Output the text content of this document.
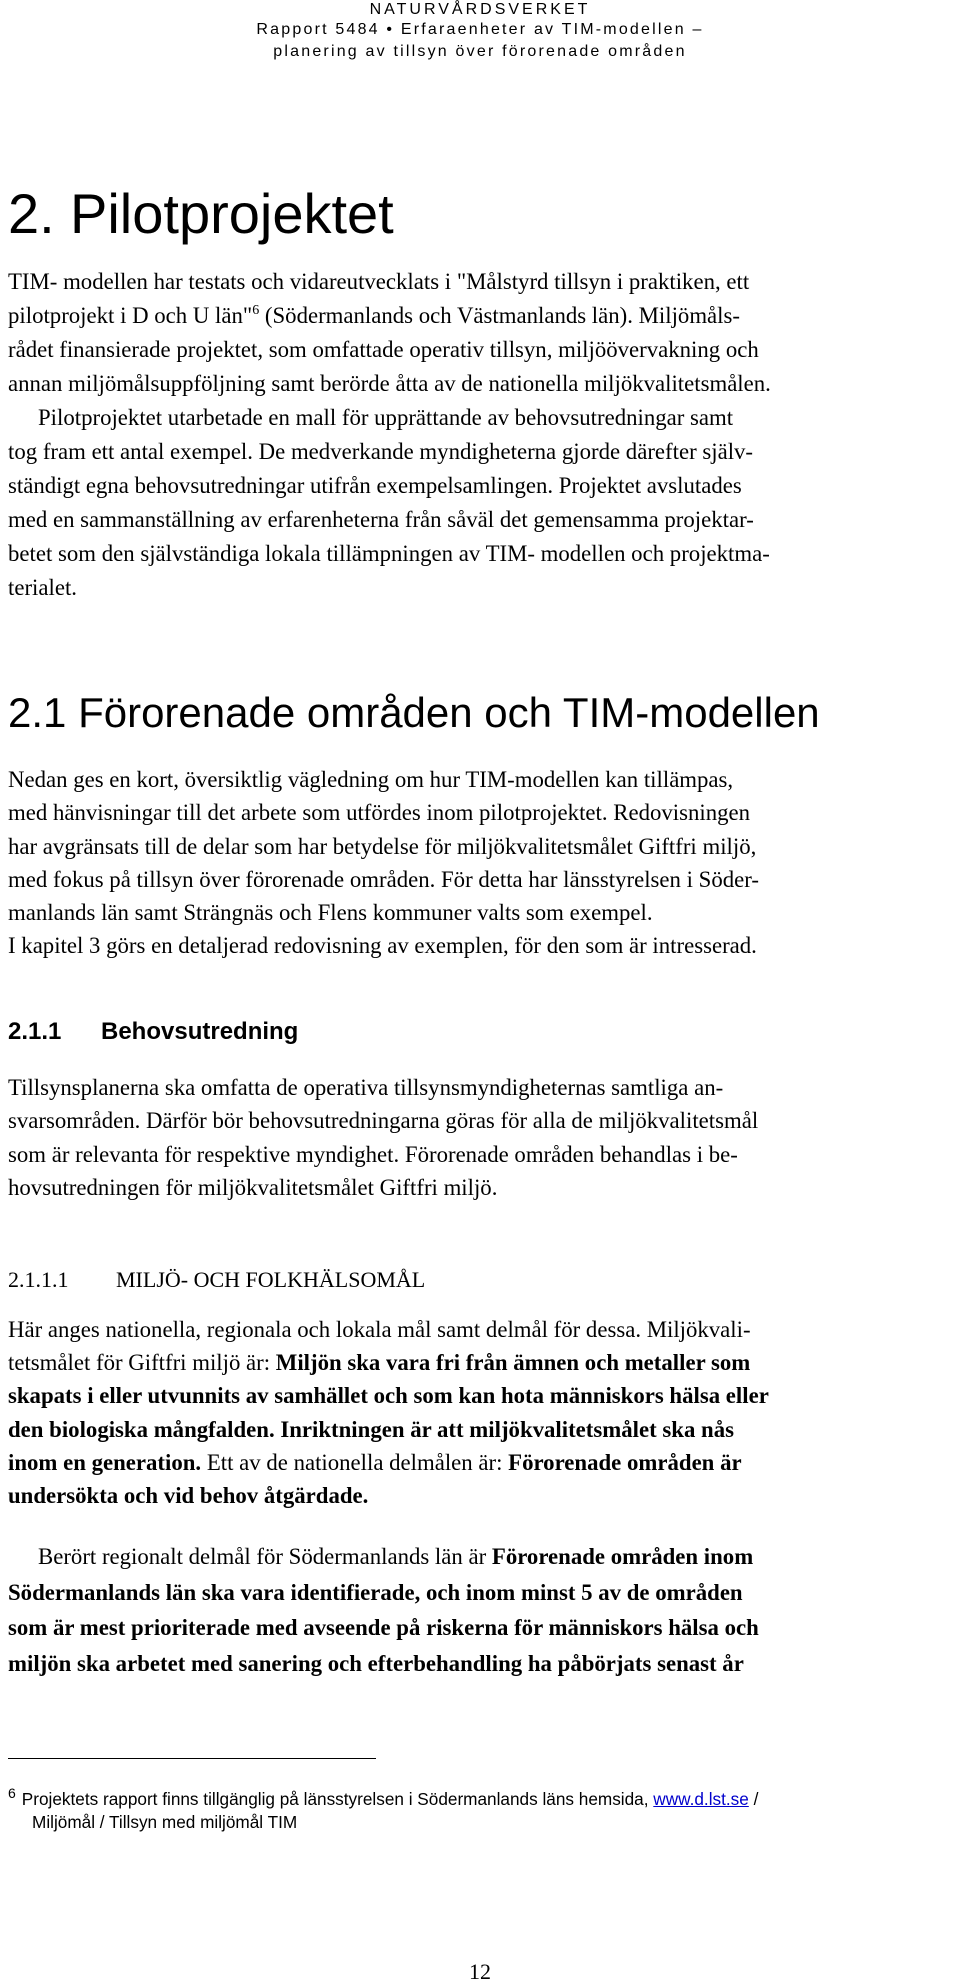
NATURVÅRDSVERKET

Rapport 5484 • Erfaraenheter av TIM-modellen –

planering av tillsyn över förorenade områden

2. Pilotprojektet
TIM- modellen har testats och vidareutvecklats i "Målstyrd tillsyn i praktiken, ett
pilotprojekt i D och U län"$^6$ (Södermanlands och Västmanlands län). Miljömåls-
rådet finansierade projektet, som omfattade operativ tillsyn, miljöövervakning och
annan miljömålsuppföljning samt berörde åtta av de nationella miljökvalitetsmålen.
Pilotprojektet utarbetade en mall för upprättande av behovsutredningar samt
tog fram ett antal exempel. De medverkande myndigheterna gjorde därefter själv-
ständigt egna behovsutredningar utifrån exempelsamlingen. Projektet avslutades
med en sammanställning av erfarenheterna från såväl det gemensamma projektar-
betet som den självständiga lokala tillämpningen av TIM- modellen och projektma-
terialet.
2.1 Förorenade områden och TIM-modellen
Nedan ges en kort, översiktlig vägledning om hur TIM-modellen kan tillämpas,
med hänvisningar till det arbete som utfördes inom pilotprojektet. Redovisningen
har avgränsats till de delar som har betydelse för miljökvalitetsmålet Giftfri miljö,
med fokus på tillsyn över förorenade områden. För detta har länsstyrelsen i Söder-
manlands län samt Strängnäs och Flens kommuner valts som exempel.
I kapitel 3 görs en detaljerad redovisning av exemplen, för den som är intresserad.
2.1.1 Behovsutredning
Tillsynsplanerna ska omfatta de operativa tillsynsmyndigheternas samtliga an-
svarsområden. Därför bör behovsutredningarna göras för alla de miljökvalitetsmål
som är relevanta för respektive myndighet. Förorenade områden behandlas i be-
hovsutredningen för miljökvalitetsmålet Giftfri miljö.
2.1.1.1 MILJÖ- OCH FOLKHÄLSOMÅL
Här anges nationella, regionala och lokala mål samt delmål för dessa. Miljökvali-
tetsmålet för Giftfri miljö är: Miljön ska vara fri från ämnen och metaller som
skapats i eller utvunnits av samhället och som kan hota människors hälsa eller
den biologiska mångfalden. Inriktningen är att miljökvalitetsmålet ska nås
inom en generation. Ett av de nationella delmålen är: Förorenade områden är
undersökta och vid behov åtgärdade.
Berört regionalt delmål för Södermanlands län är Förorenade områden inom
Södermanlands län ska vara identifierade, och inom minst 5 av de områden
som är mest prioriterade med avseende på riskerna för människors hälsa och
miljön ska arbetet med sanering och efterbehandling ha påbörjats senast år

$^6$ Projektets rapport finns tillgänglig på länsstyrelsen i Södermanlands läns hemsida, www.d.lst.se /

Miljömål / Tillsyn med miljömål TIM

12
